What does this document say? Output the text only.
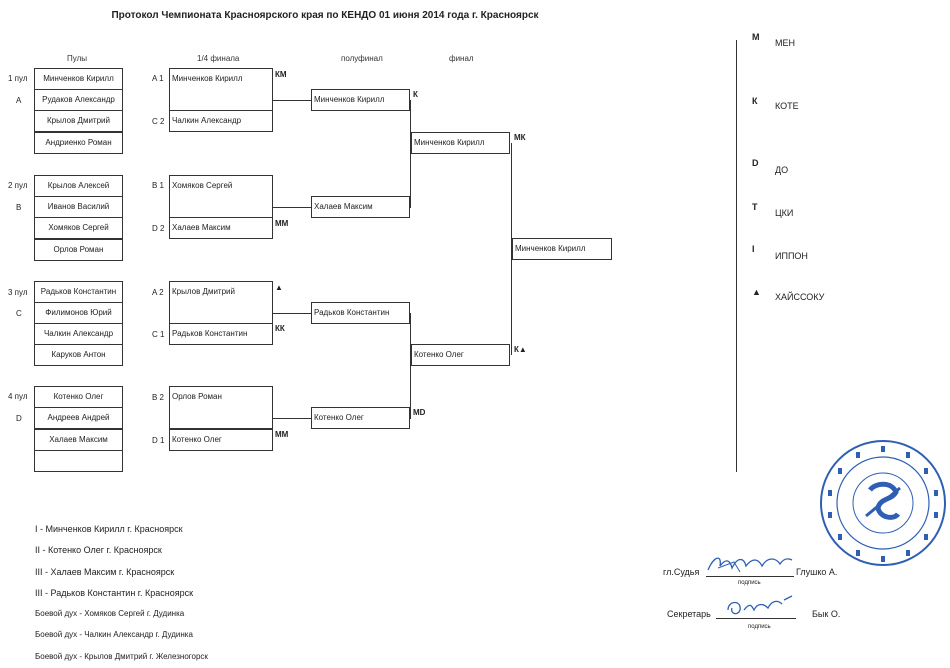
Протокол Чемпионата Красноярского края по КЕНДО 01 июня 2014 года г. Красноярск
Пулы	1/4 финала	полуфинал	финал
1 пул
A
Минченков Кирилл
Рудаков Александр
Крылов Дмитрий
Андриенко Роман
2 пул
B
Крылов Алексей
Иванов Василий
Хомяков Сергей
Орлов Роман
3 пул
C
Радьков Константин
Филимонов Юрий
Чалкин Александр
Каруков Антон
4 пул
D
Котенко Олег
Андреев Андрей
Халаев Максим
A 1	Минченков Кирилл	КМ
C 2 Чалкин Александр
B 1 Хомяков Сергей
D 2 Халаев Максим	ММ
A 2	Крылов Дмитрий	▲
C 1 Радьков Константин
КК
B 2 Орлов Роман
D 1 Котенко Олег
ММ
Минченков Кирилл
К
Халаев Максим
Радьков Константин
Котенко Олег
МD
Минченков Кирилл
МК
Котенко Олег
К▲
Минченков Кирилл
М
МЕН
К КОТЕ
D
ДО
Т
ЦКИ
I
ИППОН
▲ ХАЙССОКУ
I - Минченков Кирилл г. Красноярск
II - Котенко Олег г. Красноярск
III - Халаев Максим г. Красноярск
III - Радьков Константин г. Красноярск
Боевой дух - Хомяков Сергей г. Дудинка
Боевой дух - Чалкин Александр г. Дудинка
Боевой дух - Крылов Дмитрий г. Железногорск
гл.Судья	Глушко А.
подпись
Секретарь	Бык О.
подпись
